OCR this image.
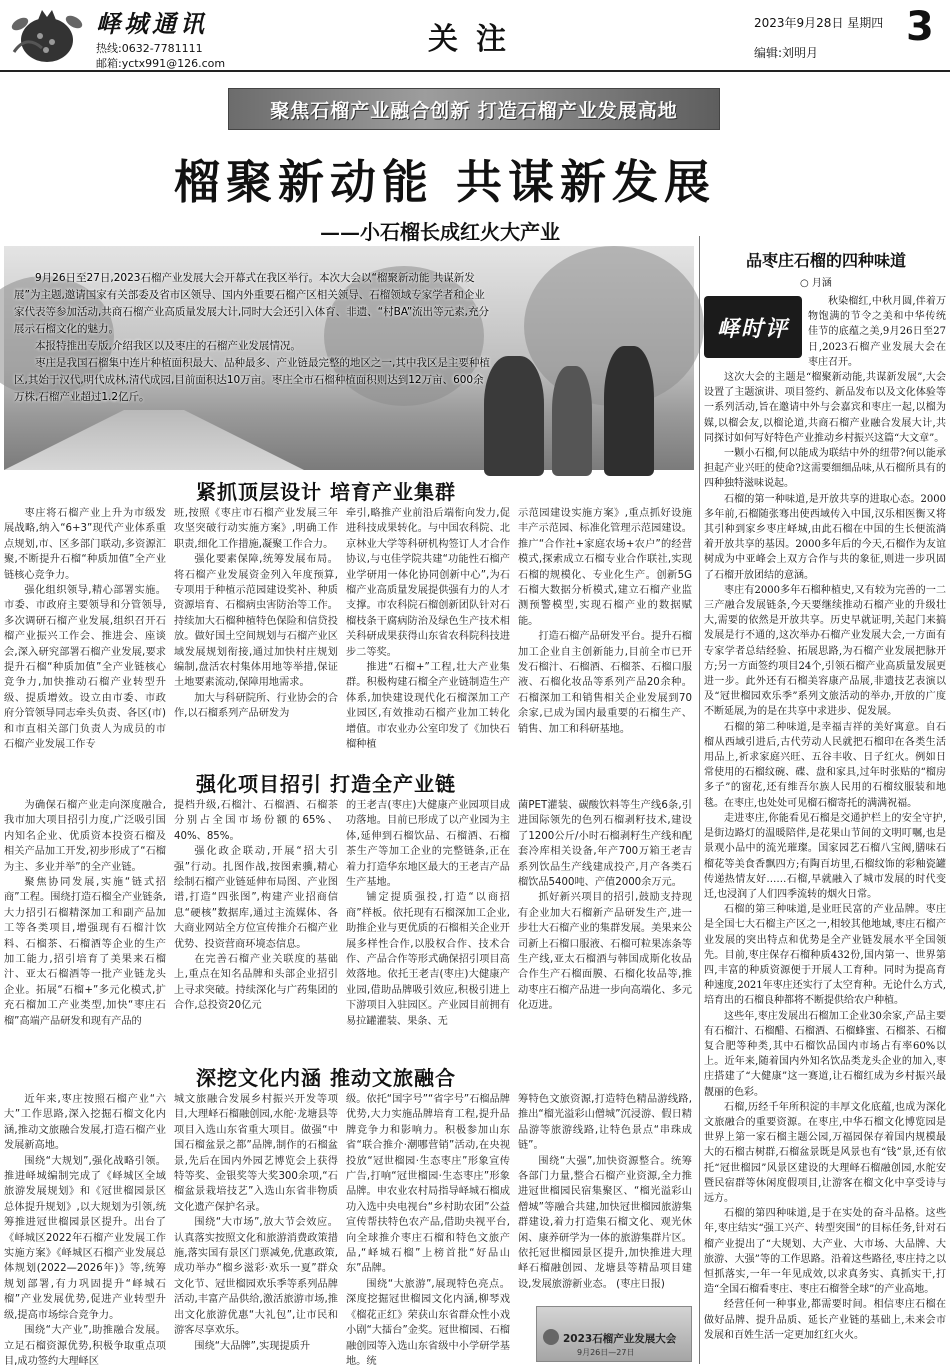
峄城通讯
热线:0632-7781111
邮箱:yctx991@126.com
关注	2023年9月28日 星期四
编辑:刘明月
3
聚焦石榴产业融合创新 打造石榴产业发展高地
榴聚新动能 共谋新发展
——小石榴长成红火大产业

9月26日至27日,2023石榴产业发展大会开幕式在我区举行。本次大会以“榴聚新动能 共谋新发展”为主题,邀请国家有关部委及省市区领导、国内外重要石榴产区相关领导、石榴领域专家学者和企业家代表等参加活动,共商石榴产业高质量发展大计,同时大会还引入体育、非遗、“村BA”流出等元素,充分展示石榴文化的魅力。

本报特推出专版,介绍我区以及枣庄的石榴产业发展情况。

枣庄是我国石榴集中连片种植面积最大、品种最多、产业链最完整的地区之一,其中我区是主要种植区,其始于汉代,明代成林,清代成园,目前面积达10万亩。枣庄全市石榴种植面积则达到12万亩、600余万株,石榴产业超过1.2亿斤。

紧抓顶层设计 培育产业集群

枣庄将石榴产业上升为市级发展战略,纳入“6+3”现代产业体系重点规划,市、区多部门联动,多资源汇聚,不断提升石榴“种质加值”全产业链核心竞争力。

强化组织领导,精心部署实施。市委、市政府主要领导和分管领导,多次调研石榴产业发展,组织召开石榴产业振兴工作会、推进会、座谈会,深入研究部署石榴产业发展,要求提升石榴“种质加值”全产业链核心竞争力,加快推动石榴产业转型升级、提质增效。设立由市委、市政府分管领导同志牵头负责、各区(市)和市直相关部门负责人为成员的市石榴产业发展工作专

班,按照《枣庄市石榴产业发展三年攻坚突破行动实施方案》,明确工作职责,细化工作措施,凝聚工作合力。

强化要素保障,统筹发展布局。将石榴产业发展资金列入年度预算,专项用于种植示范园建设奖补、种质资源培育、石榴病虫害防治等工作。持续加大石榴种植特色保险和信贷投放。做好国土空间规划与石榴产业区域发展规划衔接,通过加快村庄规划编制,盘活农村集体用地等举措,保证土地要素流动,保障用地需求。

加大与科研院所、行业协会的合作,以石榴系列产品研发为

牵引,略推产业前沿后端衔向发力,促进科技成果转化。与中国农科院、北京林业大学等科研机构签订人才合作协议,与屯佳学院共建“功能性石榴产业学研用一体化协同创新中心”,为石榴产业高质量发展提供强有力的人才支撑。市农科院石榴创新团队针对石榴枝条干腐病防治及绿色生产技术相关科研成果获得山东省农科院科技进步二等奖。

推进“石榴+”工程,壮大产业集群。积极构建石榴全产业链制造生产体系,加快建设现代化石榴深加工产业园区,有效推动石榴产业加工转化增值。市农业办公室印发了《加快石榴种植

示范园建设实施方案》,重点抓好设施丰产示范园、标准化管理示范园建设。推广“合作社+家庭农场+农户”的经营模式,探索成立石榴专业合作联社,实现石榴的规模化、专业化生产。创新5G石榴大数据分析模式,建立石榴产业监测预警模型,实现石榴产业的数据赋能。

打造石榴产品研发平台。提升石榴加工企业自主创新能力,目前全市已开发石榴汁、石榴酒、石榴茶、石榴口服液、石榴化妆品等系列产品20余种。石榴深加工和销售相关企业发展到70余家,已成为国内最重要的石榴生产、销售、加工和科研基地。

强化项目招引 打造全产业链

为确保石榴产业走向深度融合,我市加大项目招引力度,广泛吸引国内知名企业、优质资本投资石榴及相关产品加工开发,初步形成了“石榴为主、多业并举”的全产业链。

聚焦协同发展,实施“链式招商”工程。围绕打造石榴全产业链条,大力招引石榴精深加工和副产品加工等各类项目,增强现有石榴汁饮料、石榴茶、石榴酒等企业的生产加工能力,招引培育了美果来石榴汁、亚太石榴酒等一批产业链龙头企业。拓展“石榴+”多元化模式,扩充石榴加工产业类型,加快“枣庄石榴”高端产品研发和现有产品的

提档升级,石榴汁、石榴酒、石榴茶分别占全国市场份额的65%、40%、85%。

强化政企联动,开展“招大引强”行动。扎图作战,按图索骥,精心绘制石榴产业链延伸布局图、产业图谱,打造“四张图”,构建产业招商信息“硬核”数据库,通过主流媒体、各大商业网站全方位宣传推介石榴产业优势、投资营商环境态信息。

在完善石榴产业关联度的基础上,重点在知名品牌和头部企业招引上寻求突破。持续深化与广药集团的合作,总投资20亿元

的王老吉(枣庄)大健康产业园项目成功落地。目前已形成了以产业园为主体,延伸到石榴饮品、石榴酒、石榴茶生产等加工企业的完整链条,正在着力打造华东地区最大的王老吉产品生产基地。

铺定提质强投,打造“以商招商”样板。依托现有石榴深加工企业,助推企业与更优质的石榴相关企业开展多样性合作,以股权合作、技术合作、产品合作等形式确保招引项目高效落地。依托王老吉(枣庄)大健康产业园,借助品牌吸引效应,积极引进上下游项目入驻园区。产业园目前拥有易拉罐灌装、果条、无

菌PET灌装、碳酸饮料等生产线6条,引进国际领先的色列石榴剥籽技术,建设了1200公斤/小时石榴剥籽生产线和配套冷库相关设备,年产700万箱王老吉系列饮品生产线建成投产,月产各类石榴饮品5400吨、产值2000余万元。

抓好新兴项目的招引,鼓励支持现有企业加大石榴新产品研发生产,进一步壮大石榴产业的集群发展。美果来公司新上石榴口服液、石榴可粒果冻条等生产线,亚太石榴酒与韩国成斯化妆品合作生产石榴面膜、石榴化妆品等,推动枣庄石榴产品进一步向高端化、多元化迈进。

深挖文化内涵 推动文旅融合

近年来,枣庄按照石榴产业“六大”工作思路,深入挖掘石榴文化内涵,推动文旅融合发展,打造石榴产业发展新高地。

围绕“大规划”,强化战略引领。推进峄城编制完成了《峄城区全域旅游发展规划》和《冠世榴园景区总体提升规划》,以大规划为引领,统筹推进冠世榴园景区提升。出台了《峄城区2022年石榴产业发展工作实施方案》《峄城区石榴产业发展总体规划(2022—2026年)》等,统筹规划部署,有力巩固提升“峄城石榴”产业发展优势,促进产业转型升级,提高市场综合竞争力。

围绕“大产业”,助推融合发展。立足石榴资源优势,积极争取重点项目,成功签约大理峄区

城文旅融合发展乡村振兴开发等项目,大理峄石榴融创园,水舵·龙塘县等项目入选山东省重大项目。做强“中国石榴盆景之都”品牌,制作的石榴盆景,先后在国内外园艺博览会上获得特等奖、金银奖等大奖300余项,“石榴盆景栽培技艺”入选山东省非物质文化遗产保护名录。

围绕“大市场”,放大节会效应。认真落实按照文化和旅游消费政策措施,落实国有景区门票减免,优惠政策,成功举办“榴乡滋彩·欢乐一夏”群众文化节、冠世榴园欢乐季等系列品牌活动,丰富产品供给,激活旅游市场,推出文化旅游优惠“大礼包”,让市民和游客尽享欢乐。

围绕“大品牌”,实现提质升

级。依托“国字号”“省字号”石榴品牌优势,大力实施品牌培育工程,提升品牌竞争力和影响力。积极参加山东省“联合推介·潮哪营销”活动,在央视投放“冠世榴园·生态枣庄”形象宣传广告,打响“冠世榴园·生态枣庄”形象品牌。申农业农村局指导峄城石榴成功入选中央电视台“乡村助农团”公益宣传帮扶特色农产品,借助央视平台,向全球推介枣庄石榴和特色文旅产品,“峄城石榴”上榜首批“好品山东”品牌。

围绕“大旅游”,展现特色亮点。深度挖掘冠世榴园文化内涵,柳琴戏《榴花正红》荣获山东省群众性小戏小剧“大擂台”金奖。冠世榴园、石榴融创园等入选山东省级中小学研学基地。统

筹特色文旅资源,打造特色精品游线路,推出“榴光溢彩山僧城”沉浸游、假日精品游等旅游线路,让特色景点“串珠成链”。

围绕“大强”,加快资源整合。统筹各部门力量,整合石榴产业资源,全力推进冠世榴园民宿集聚区、“榴光溢彩山僧城”等融合共建,加快冠世榴园旅游集群建设,着力打造集石榴文化、观光休闲、康养研学为一体的旅游集群片区。依托冠世榴园景区提升,加快推进大理峄石榴融创园、龙塘县等精品项目建设,发展旅游新业态。 (枣庄日报)

2023石榴产业发展大会
9月26日—27日
品枣庄石榴的四种味道
○ 月涵
峄时评
秋染榴红,中秋月圆,伴着万物饱满的节令之美和中华传统佳节的底蕴之美,9月26日至27日,2023石榴产业发展大会在枣庄召开。

这次大会的主题是“榴聚新动能,共谋新发展”,大会设置了主题演讲、项目签约、新品发布以及文化体验等一系列活动,旨在邀请中外与会嘉宾和枣庄一起,以榴为媒,以榴会友,以榴论道,共商石榴产业融合发展大计,共同探讨如何写好特色产业推动乡村振兴这篇“大文章”。

一颗小石榴,何以能成为联结中外的纽带?何以能承担起产业兴旺的使命?这需要细细品味,从石榴所具有的四种独特滋味说起。

石榴的第一种味道,是开放共享的进取心态。2000多年前,石榴随张骞出使西域传入中国,汉乐相医衡又将其引种到家乡枣庄峄城,由此石榴在中国的生长便流淌着开放共享的基因。2000多年后的今天,石榴作为友谊树成为中亚峰会上双方合作与共的象征,则进一步巩固了石榴开放团结的意涵。

枣庄有2000多年石榴种植史,又有较为完善的一二三产融合发展链条,今天要继续推动石榴产业的升级壮大,需要的依然是开放共享。历史早就证明,关起门来搞发展是行不通的,这次举办石榴产业发展大会,一方面有专家学者总结经验、拓展思路,为石榴产业发展把脉开方;另一方面签约项目24个,引领石榴产业高质量发展更进一步。此外还有石榴美容康产品展,非遗技艺表演以及“冠世榴园欢乐季”系列文旅活动的举办,开放的广度不断延展,为的是在共享中求进步、促发展。

石榴的第二种味道,是幸福吉祥的美好寓意。自石榴从西域引进后,古代劳动人民就把石榴印在各类生活用品上,祈求家庭兴旺、五谷丰收、日子红火。例如日常使用的石榴纹碗、碟、盘和家具,过年时张贴的“榴房多子”的窗花,还有维吾尔族人民用的石榴纹服装和地毯。在枣庄,也处处可见榴石榴寄托的满满祝福。

走进枣庄,你能看见石榴是交通护栏上的安全守护,是街边路灯的温暖陪伴,是花果山节间的文明叮嘱,也是景观小品中的流光璀璨。国家园艺石榴八宝阀,膳味石榴花等美食香飘四方;有陶百坊里,石榴纹饰的彩釉瓷罐传递热情友好……石榴,早就融入了城市发展的时代变迁,也浸润了人们四季流转的烟火日常。

石榴的第三种味道,是业旺民富的产业品牌。枣庄是全国七大石榴主产区之一,相较其他地域,枣庄石榴产业发展的突出特点和优势是全产业链发展水平全国领先。目前,枣庄保存石榴种质432份,国内第一、世界第四,丰富的种质资源便于开展人工育种。同时为提高育种速度,2021年枣庄还实行了太空育种。无论什么方式,培育出的石榴良种都将不断提供给农户种植。

这些年,枣庄发展出石榴加工企业30余家,产品主要有石榴汁、石榴醋、石榴酒、石榴蜂蜜、石榴茶、石榴复合肥等种类,其中石榴饮品国内市场占有率60%以上。近年来,随着国内外知名饮品类龙头企业的加入,枣庄搭建了“大健康”这一赛道,让石榴红成为乡村振兴最靓丽的色彩。

石榴,历经千年所积淀的丰厚文化底蕴,也成为深化文旅融合的重要资源。在枣庄,中华石榴文化博览园是世界上第一家石榴主题公园,万福园保存着国内规模最大的石榴古树群,石榴盆景既是风景也有“钱”景,还有依托“冠世榴园”风景区建设的大理峄石榴融创园,水舵安暨民宿群等休闲度假项目,让游客在榴文化中享受诗与远方。

石榴的第四种味道,是于在实处的奋斗品格。这些年,枣庄结实“强工兴产、转型突围”的目标任务,针对石榴产业提出了“大规划、大产业、大市场、大品牌、大旅游、大强”等的工作思路。沿着这些路径,枣庄持之以恒抓落实,一年一年见成效,以求真务实、真抓实干,打造“全国石榴看枣庄、枣庄石榴誉全球”的产业高地。

经营任何一种事业,都需要时间。相信枣庄石榴在做好品牌、提升品质、延长产业链的基础上,未来会市发展和百姓生活一定更加红红火火。
